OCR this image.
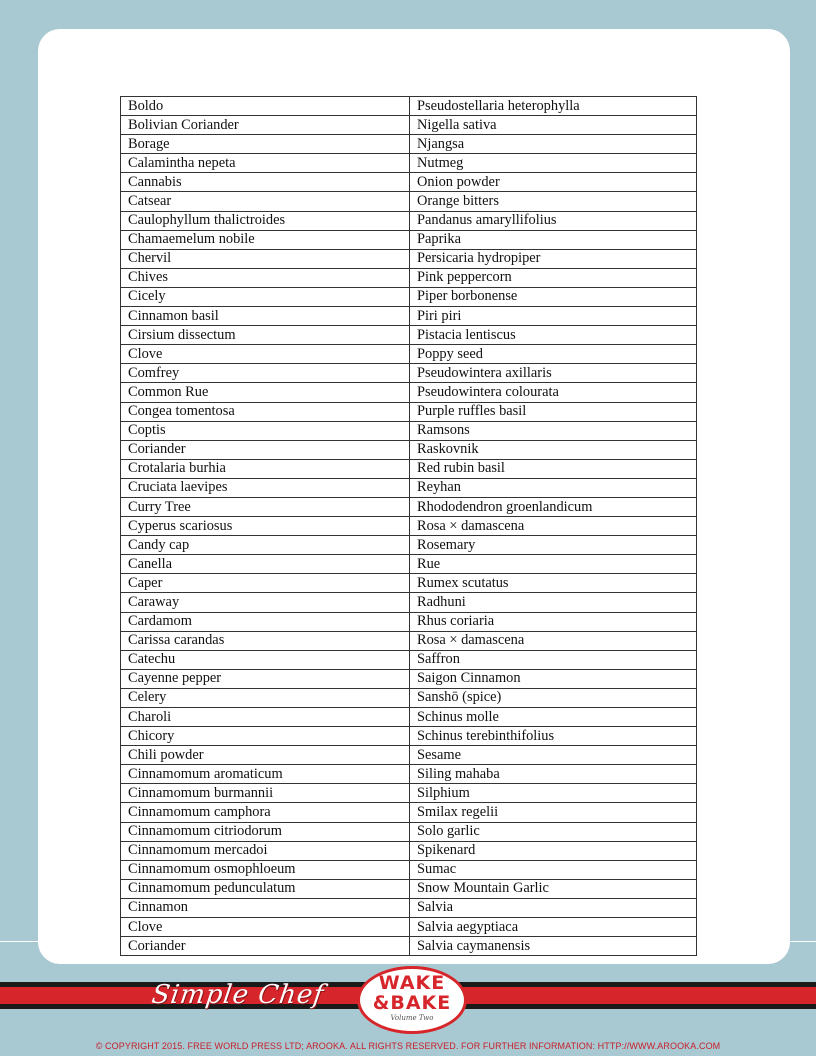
Boldo	Pseudostellaria heterophylla
Bolivian Coriander	Nigella sativa
Borage	Njangsa
Calamintha nepeta	Nutmeg
Cannabis	Onion powder
Catsear	Orange bitters
Caulophyllum thalictroides	Pandanus amaryllifolius
Chamaemelum nobile	Paprika
Chervil	Persicaria hydropiper
Chives	Pink peppercorn
Cicely	Piper borbonense
Cinnamon basil	Piri piri
Cirsium dissectum	Pistacia lentiscus
Clove	Poppy seed
Comfrey	Pseudowintera axillaris
Common Rue	Pseudowintera colourata
Congea tomentosa	Purple ruffles basil
Coptis	Ramsons
Coriander	Raskovnik
Crotalaria burhia	Red rubin basil
Cruciata laevipes	Reyhan
Curry Tree	Rhododendron groenlandicum
Cyperus scariosus	Rosa × damascena
Candy cap	Rosemary
Canella	Rue
Caper	Rumex scutatus
Caraway	Radhuni
Cardamom	Rhus coriaria
Carissa carandas	Rosa × damascena
Catechu	Saffron
Cayenne pepper	Saigon Cinnamon
Celery	Sanshō (spice)
Charoli	Schinus molle
Chicory	Schinus terebinthifolius
Chili powder	Sesame
Cinnamomum aromaticum	Siling mahaba
Cinnamomum burmannii	Silphium
Cinnamomum camphora	Smilax regelii
Cinnamomum citriodorum	Solo garlic
Cinnamomum mercadoi	Spikenard
Cinnamomum osmophloeum	Sumac
Cinnamomum pedunculatum	Snow Mountain Garlic
Cinnamon	Salvia
Clove	Salvia aegyptiaca
Coriander	Salvia caymanensis
Simple Chef	WAKE
&BAKE
Volume Two
© COPYRIGHT 2015. FREE WORLD PRESS LTD; AROOKA. ALL RIGHTS RESERVED. FOR FURTHER INFORMATION: HTTP://WWW.AROOKA.COM
